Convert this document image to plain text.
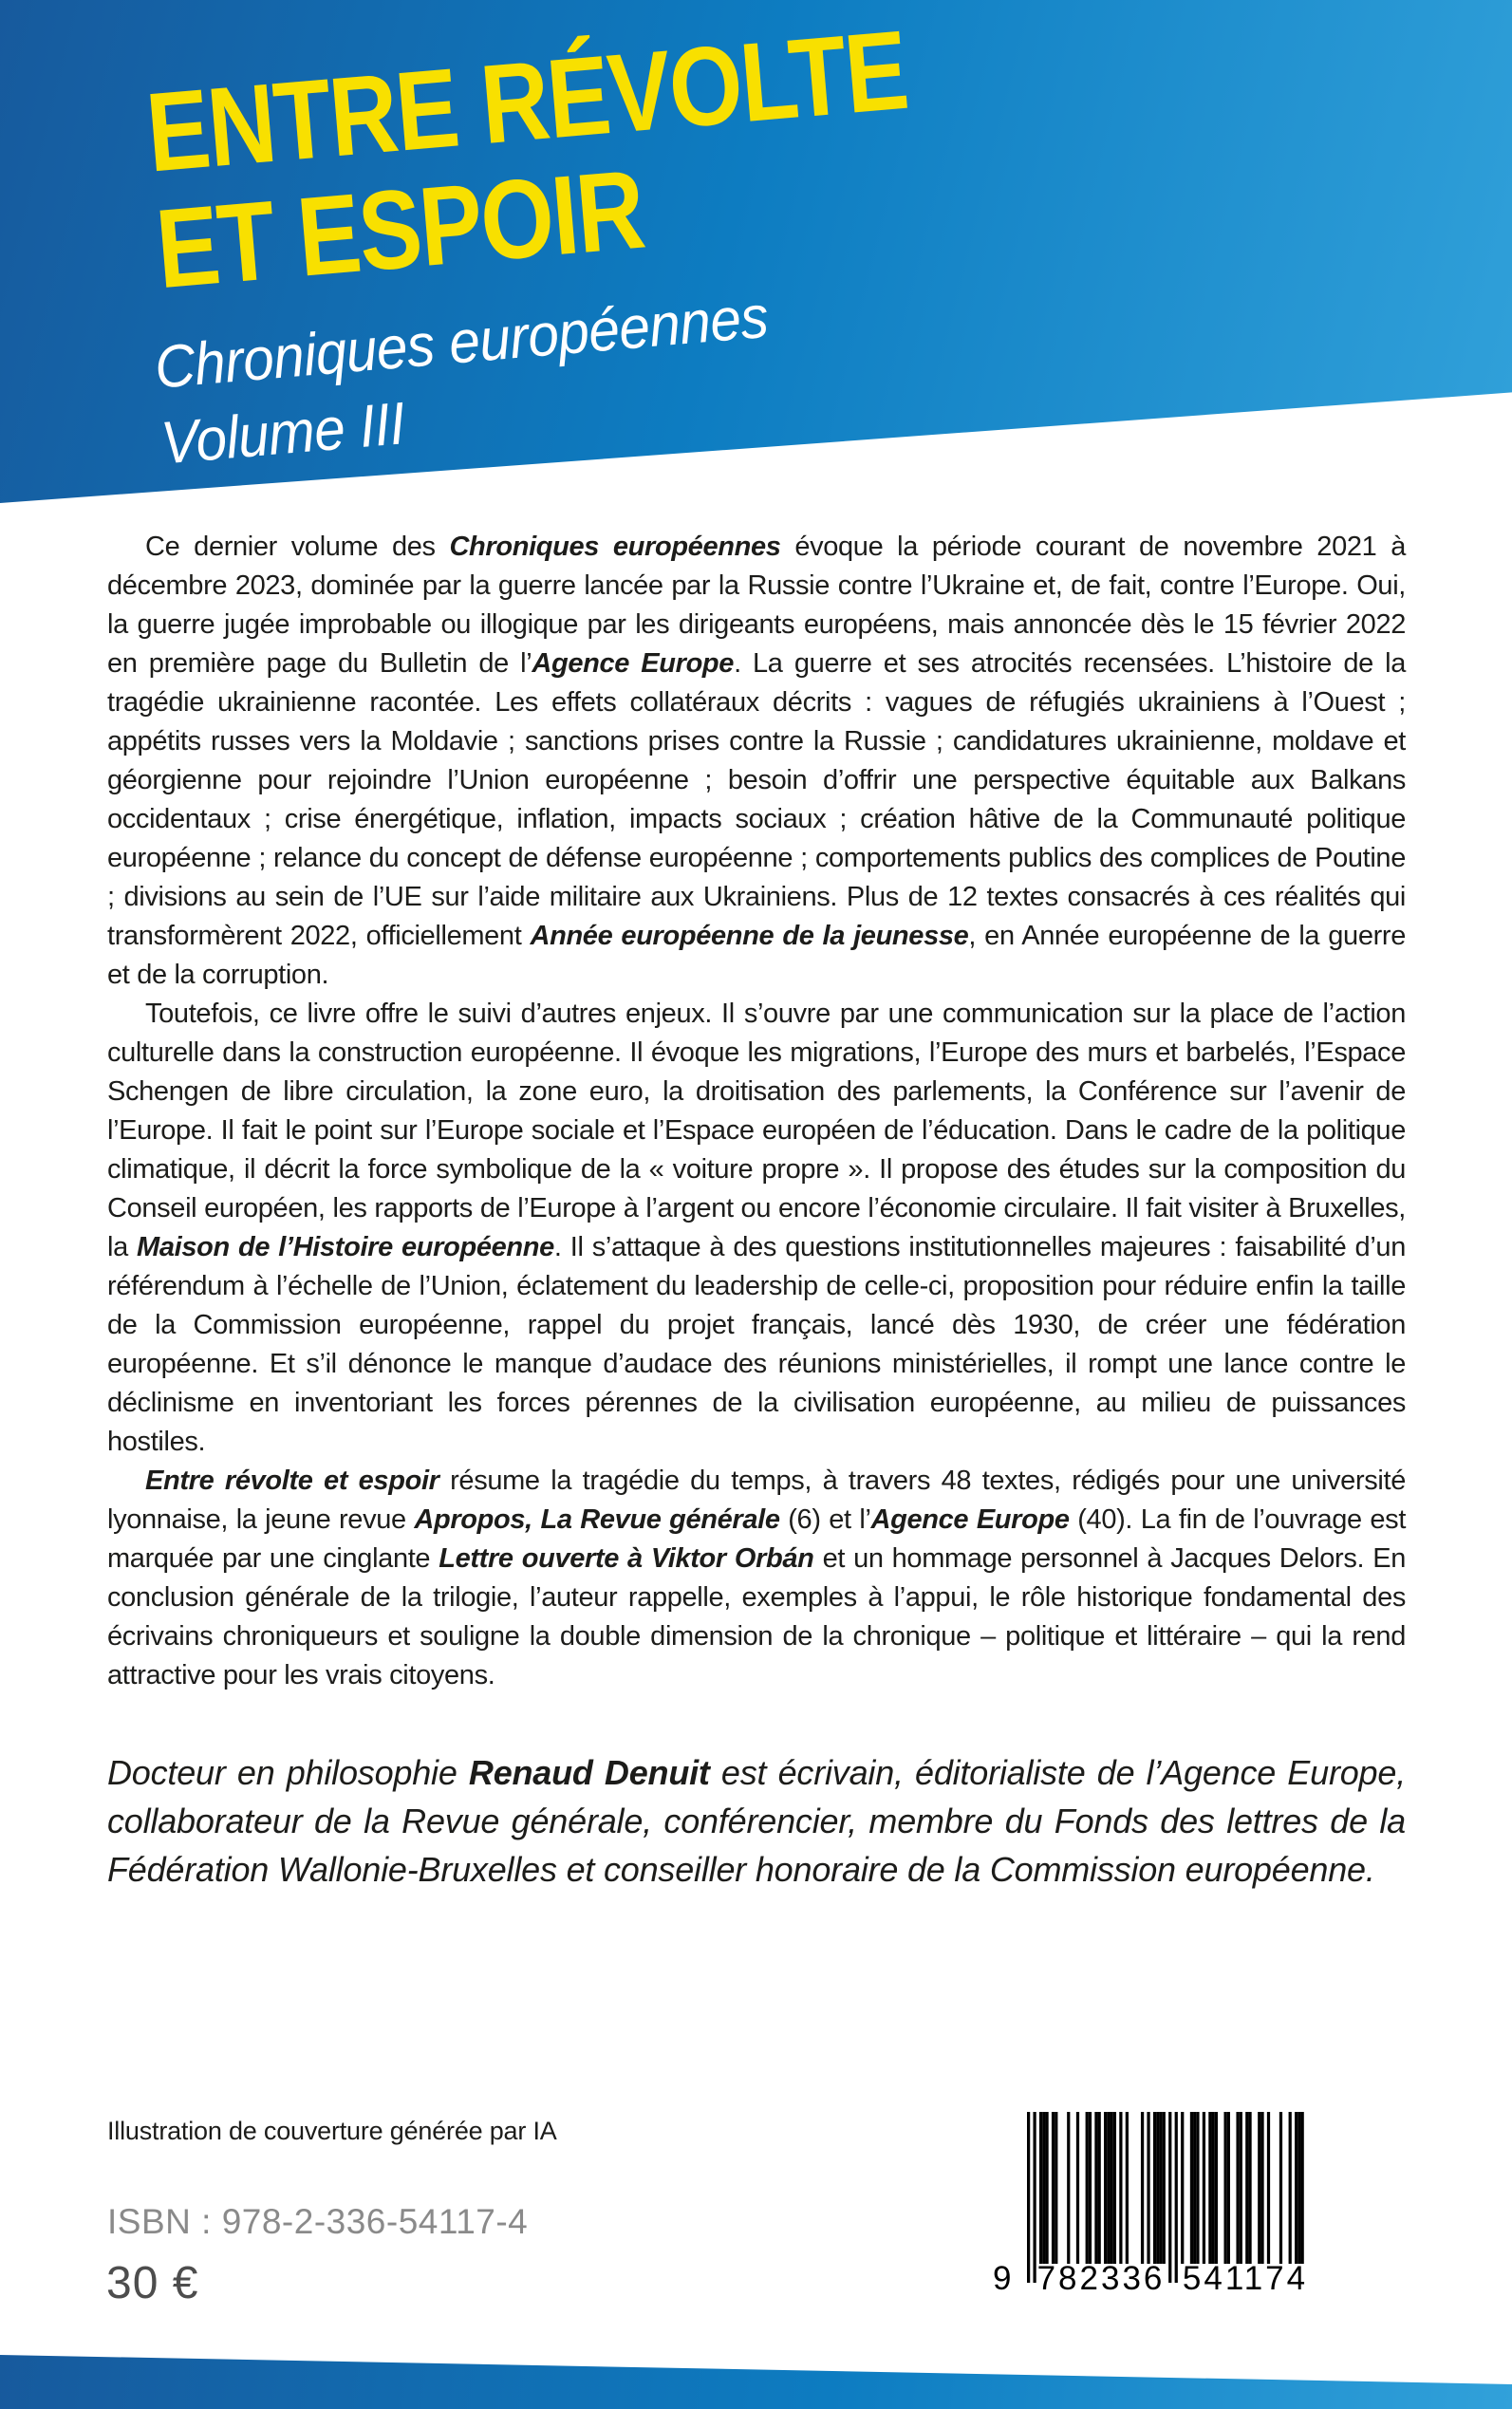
ENTRE RÉVOLTE
ET ESPOIR
Chroniques européennes
Volume III

Ce dernier volume des Chroniques européennes évoque la période courant de novembre 2021 à décembre 2023, dominée par la guerre lancée par la Russie contre l’Ukraine et, de fait, contre l’Europe. Oui, la guerre jugée improbable ou illogique par les dirigeants européens, mais annoncée dès le 15 février 2022 en première page du Bulletin de l’Agence Europe. La guerre et ses atrocités recensées. L’histoire de la tragédie ukrainienne racontée. Les effets collatéraux décrits : vagues de réfugiés ukrainiens à l’Ouest ; appétits russes vers la Moldavie ; sanctions prises contre la Russie ; candidatures ukrainienne, moldave et géorgienne pour rejoindre l’Union européenne ; besoin d’offrir une perspective équitable aux Balkans occidentaux ; crise énergétique, inflation, impacts sociaux ; création hâtive de la Communauté politique européenne ; relance du concept de défense européenne ; comportements publics des complices de Poutine ; divisions au sein de l’UE sur l’aide militaire aux Ukrainiens. Plus de 12 textes consacrés à ces réalités qui transformèrent 2022, officiellement Année européenne de la jeunesse, en Année européenne de la guerre et de la corruption.

Toutefois, ce livre offre le suivi d’autres enjeux. Il s’ouvre par une communication sur la place de l’action culturelle dans la construction européenne. Il évoque les migrations, l’Europe des murs et barbelés, l’Espace Schengen de libre circulation, la zone euro, la droitisation des parlements, la Conférence sur l’avenir de l’Europe. Il fait le point sur l’Europe sociale et l’Espace européen de l’éducation. Dans le cadre de la politique climatique, il décrit la force symbolique de la « voiture propre ». Il propose des études sur la composition du Conseil européen, les rapports de l’Europe à l’argent ou encore l’économie circulaire. Il fait visiter à Bruxelles, la Maison de l’Histoire européenne. Il s’attaque à des questions institutionnelles majeures : faisabilité d’un référendum à l’échelle de l’Union, éclatement du leadership de celle-ci, proposition pour réduire enfin la taille de la Commission européenne, rappel du projet français, lancé dès 1930, de créer une fédération européenne. Et s’il dénonce le manque d’audace des réunions ministérielles, il rompt une lance contre le déclinisme en inventoriant les forces pérennes de la civilisation européenne, au milieu de puissances hostiles.

Entre révolte et espoir résume la tragédie du temps, à travers 48 textes, rédigés pour une université lyonnaise, la jeune revue Apropos, La Revue générale (6) et l’Agence Europe (40). La fin de l’ouvrage est marquée par une cinglante Lettre ouverte à Viktor Orbán et un hommage personnel à Jacques Delors. En conclusion générale de la trilogie, l’auteur rappelle, exemples à l’appui, le rôle historique fondamental des écrivains chroniqueurs et souligne la double dimension de la chronique – politique et littéraire – qui la rend attractive pour les vrais citoyens.

Docteur en philosophie Renaud Denuit est écrivain, éditorialiste de l’Agence Europe, collaborateur de la Revue générale, conférencier, membre du Fonds des lettres de la Fédération Wallonie-Bruxelles et conseiller honoraire de la Commission européenne.
Illustration de couverture générée par IA
ISBN : 978-2-336-54117-4
30 €	9 782336 541174
